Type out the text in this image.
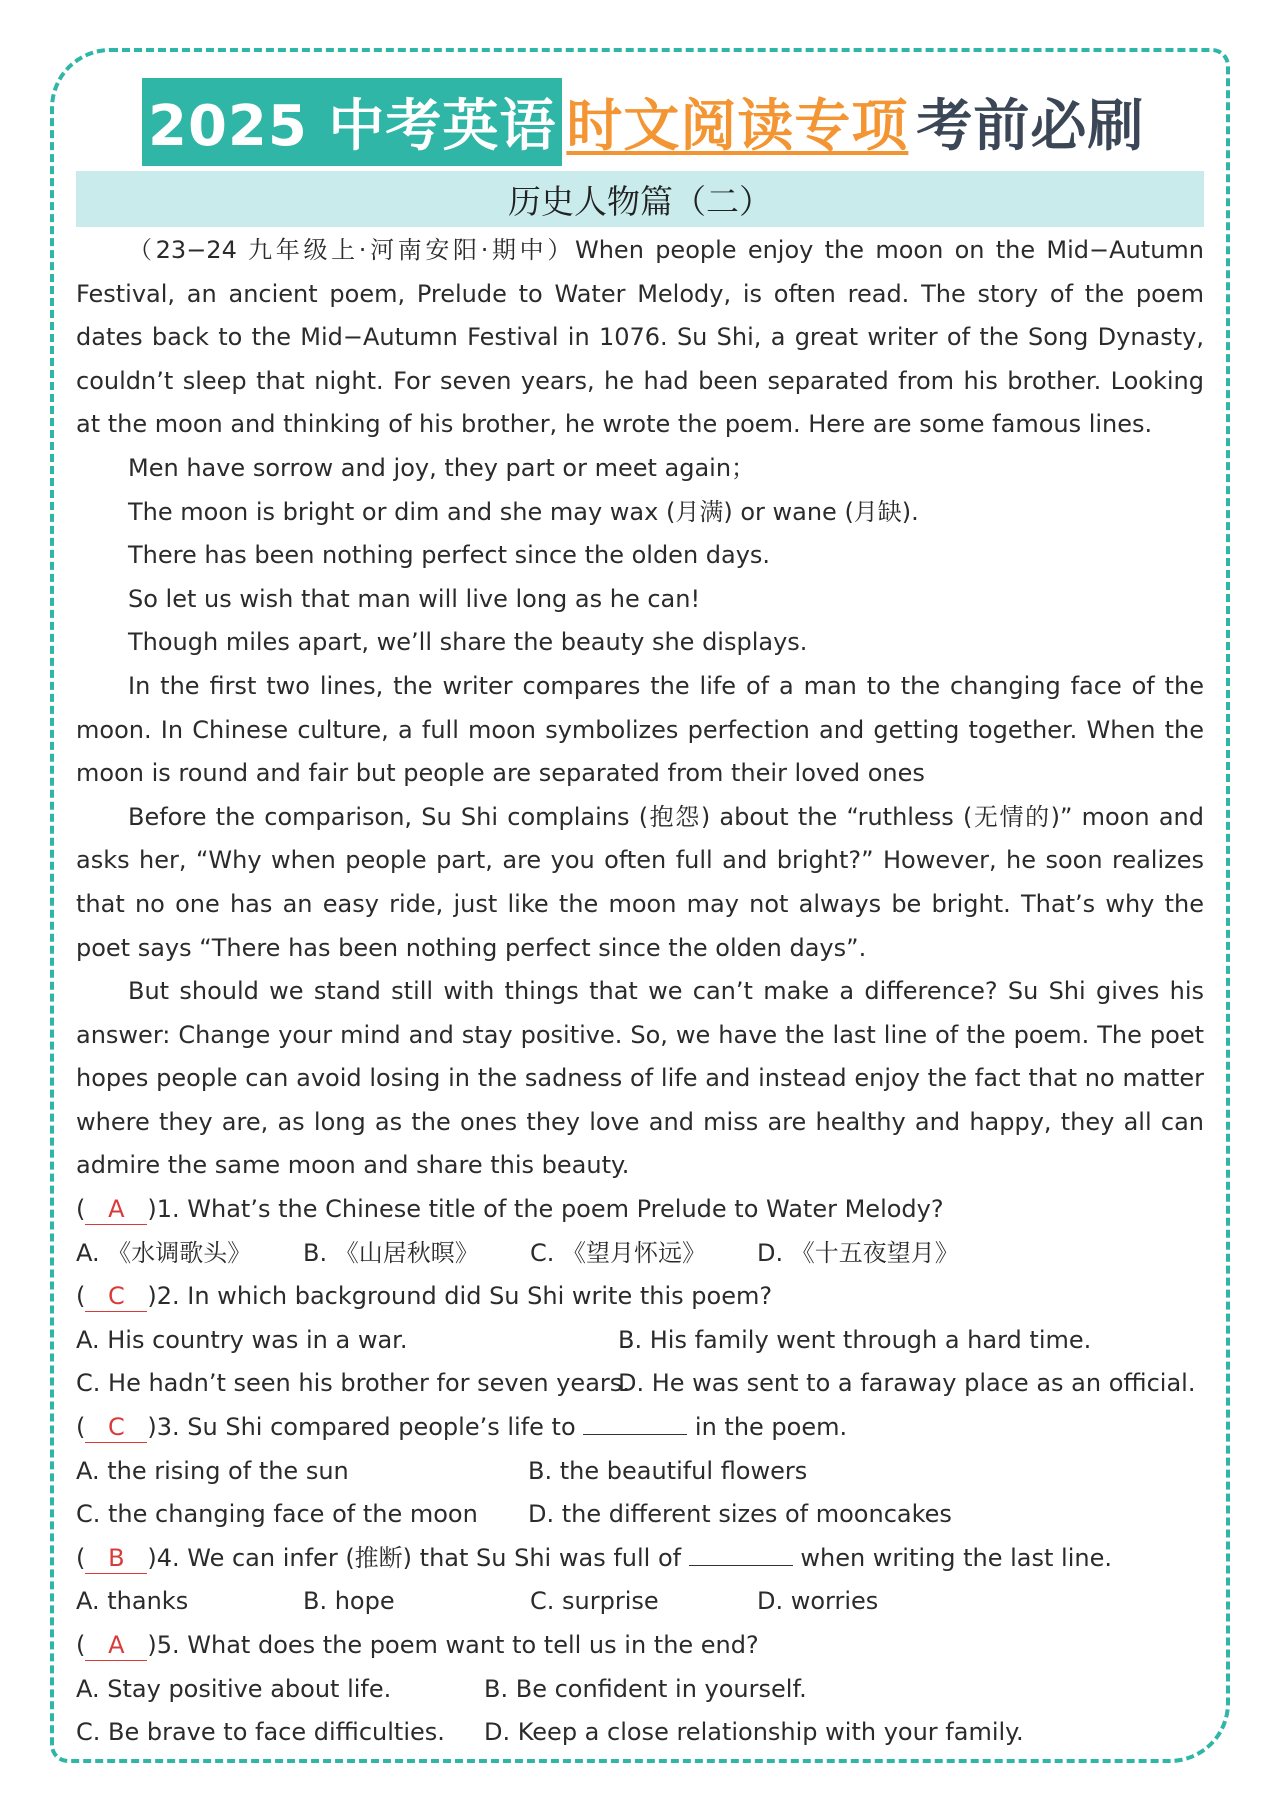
2025 中考英语 时文阅读专项 考前必刷
历史人物篇（二）

（23−24 九年级上·河南安阳·期中）When people enjoy the moon on the Mid−Autumn Festival, an ancient poem, Prelude to Water Melody, is often read. The story of the poem dates back to the Mid−Autumn Festival in 1076. Su Shi, a great writer of the Song Dynasty, couldn’t sleep that night. For seven years, he had been separated from his brother. Looking at the moon and thinking of his brother, he wrote the poem. Here are some famous lines.

Men have sorrow and joy, they part or meet again；

The moon is bright or dim and she may wax (月满) or wane (月缺).

There has been nothing perfect since the olden days.

So let us wish that man will live long as he can!

Though miles apart, we’ll share the beauty she displays.

In the first two lines, the writer compares the life of a man to the changing face of the moon. In Chinese culture, a full moon symbolizes perfection and getting together. When the moon is round and fair but people are separated from their loved ones

Before the comparison, Su Shi complains (抱怨) about the “ruthless (无情的)” moon and asks her, “Why when people part, are you often full and bright?” However, he soon realizes that no one has an easy ride, just like the moon may not always be bright. That’s why the poet says “There has been nothing perfect since the olden days”.

But should we stand still with things that we can’t make a difference? Su Shi gives his answer: Change your mind and stay positive. So, we have the last line of the poem. The poet hopes people can avoid losing in the sadness of life and instead enjoy the fact that no matter where they are, as long as the ones they love and miss are healthy and happy, they all can admire the same moon and share this beauty.

( A )1. What’s the Chinese title of the poem Prelude to Water Melody?

A. 《水调歌头》	B. 《山居秋暝》	C. 《望月怀远》	D. 《十五夜望月》

( C )2. In which background did Su Shi write this poem?

A. His country was in a war.	B. His family went through a hard time.
C. He hadn’t seen his brother for seven years.
D. He was sent to a faraway place as an official.

( C )3. Su Shi compared people’s life to	in the poem.

A. the rising of the sun	B. the beautiful flowers
C. the changing face of the moon	D. the different sizes of mooncakes

( B )4. We can infer (推断) that Su Shi was full of	when writing the last line.

A. thanks	B. hope	C. surprise	D. worries

( A )5. What does the poem want to tell us in the end?

A. Stay positive about life.	B. Be confident in yourself.
C. Be brave to face difficulties.	D. Keep a close relationship with your family.
